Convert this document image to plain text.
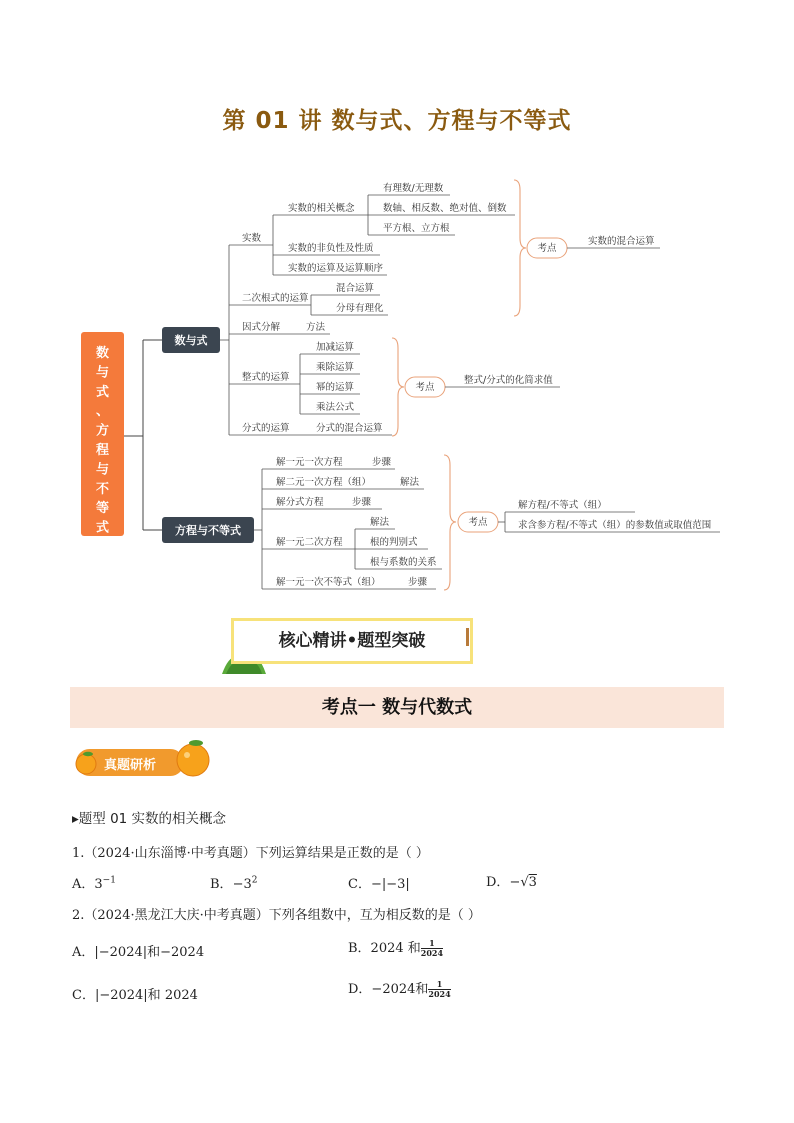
第 01 讲 数与式、方程与不等式
数
与
式
、
方
程
与
不
等
式
数与式
方程与不等式
考点
考点
考点
实数
实数的相关概念
有理数/无理数
数轴、相反数、绝对值、倒数
平方根、立方根
实数的非负性及性质
实数的运算及运算顺序
二次根式的运算
混合运算
分母有理化
因式分解	方法
整式的运算
加减运算
乘除运算
幂的运算
乘法公式
分式的运算	分式的混合运算
实数的混合运算
整式/分式的化简求值
解一元一次方程	步骤
解二元一次方程（组）	解法
解分式方程	步骤
解一元二次方程
解法
根的判别式
根与系数的关系
解一元一次不等式（组）	步骤
解方程/不等式（组）
求含参方程/不等式（组）的参数值或取值范围
核心精讲•题型突破
考点一 数与代数式
真题研析
▸题型 01 实数的相关概念
1.（2024·山东淄博·中考真题）下列运算结果是正数的是（ ）
A．$3^{-1}$	B．$-3^2$	C．−|−3|	D．−√3
2.（2024·黑龙江大庆·中考真题）下列各组数中，互为相反数的是（ ）
A．|−2024|和−2024	B．2024 和 $\frac{1}{2024}$
C．|−2024|和 2024	D．−2024和 $\frac{1}{2024}$
